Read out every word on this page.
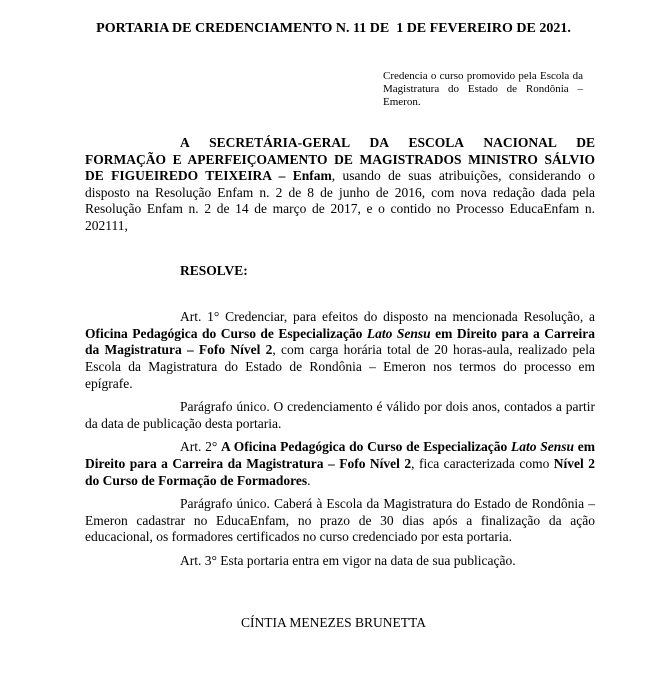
PORTARIA DE CREDENCIAMENTO N. 11 DE  1 DE FEVEREIRO DE 2021.
Credencia o curso promovido pela Escola da Magistratura do Estado de Rondônia – Emeron.

A SECRETÁRIA-GERAL DA ESCOLA NACIONAL DE FORMAÇÃO E APERFEIÇOAMENTO DE MAGISTRADOS MINISTRO SÁLVIO DE FIGUEIREDO TEIXEIRA – Enfam, usando de suas atribuições, considerando o disposto na Resolução Enfam n. 2 de 8 de junho de 2016, com nova redação dada pela Resolução Enfam n. 2 de 14 de março de 2017, e o contido no Processo EducaEnfam n. 202111,

RESOLVE:

Art. 1° Credenciar, para efeitos do disposto na mencionada Resolução, a Oficina Pedagógica do Curso de Especialização Lato Sensu em Direito para a Carreira da Magistratura – Fofo Nível 2, com carga horária total de 20 horas-aula, realizado pela Escola da Magistratura do Estado de Rondônia – Emeron nos termos do processo em epígrafe.

Parágrafo único. O credenciamento é válido por dois anos, contados a partir da data de publicação desta portaria.

Art. 2° A Oficina Pedagógica do Curso de Especialização Lato Sensu em Direito para a Carreira da Magistratura – Fofo Nível 2, fica caracterizada como Nível 2 do Curso de Formação de Formadores.

Parágrafo único. Caberá à Escola da Magistratura do Estado de Rondônia – Emeron cadastrar no EducaEnfam, no prazo de 30 dias após a finalização da ação educacional, os formadores certificados no curso credenciado por esta portaria.

Art. 3° Esta portaria entra em vigor na data de sua publicação.

CÍNTIA MENEZES BRUNETTA
